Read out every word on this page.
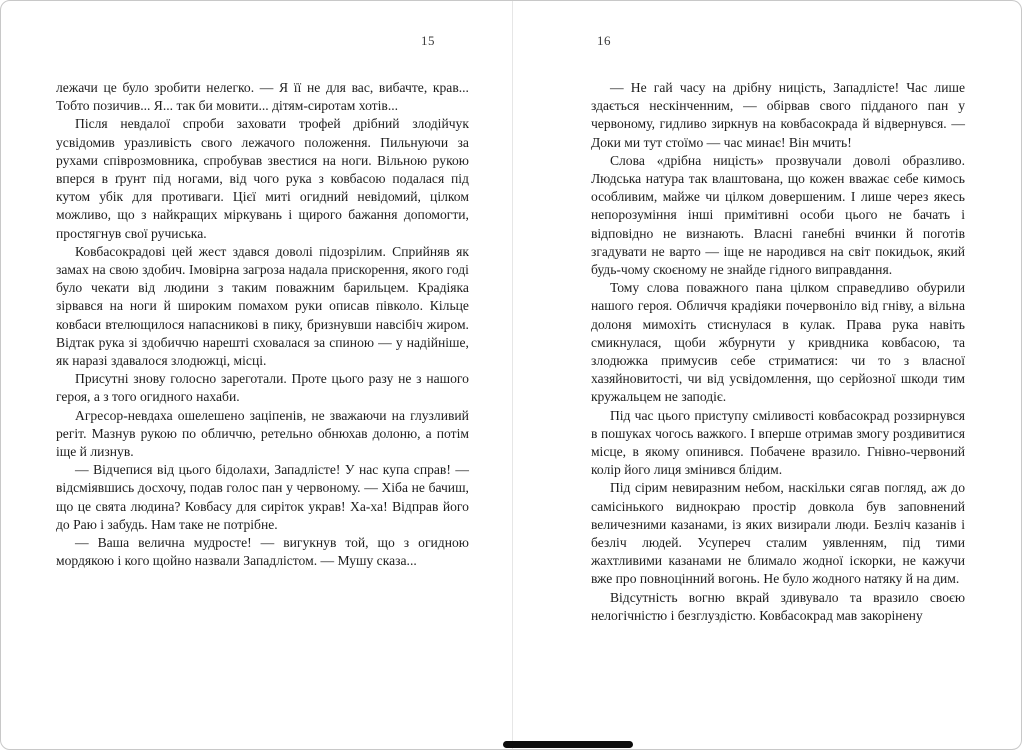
15

лежачи це було зробити нелегко. — Я її не для вас, вибачте, крав... Тобто позичив... Я... так би мовити... дітям-сиротам хотів...

Після невдалої спроби заховати трофей дрібний злодійчук усвідомив уразливість свого лежачого положення. Пильнуючи за рухами співрозмовника, спробував звестися на ноги. Вільною рукою вперся в ґрунт під ногами, від чого рука з ковбасою подалася під кутом убік для противаги. Цієї миті огидний невідомий, цілком можливо, що з найкращих міркувань і щирого бажання допомогти, простягнув свої ручиська.

Ковбасокрадові цей жест здався доволі підозрілим. Сприйняв як замах на свою здобич. Імовірна загроза надала прискорення, якого годі було чекати від людини з таким поважним барильцем. Крадіяка зірвався на ноги й широким помахом руки описав півколо. Кільце ковбаси втелющилося напасникові в пику, бризнувши навсібіч жиром. Відтак рука зі здобиччю нарешті сховалася за спиною — у надійніше, як наразі здавалося злодюжці, місці.

Присутні знову голосно зареготали. Проте цього разу не з нашого героя, а з того огидного нахаби.

Агресор-невдаха ошелешено заціпенів, не зважаючи на глузливий регіт. Мазнув рукою по обличчю, ретельно обнюхав долоню, а потім іще й лизнув.

— Відчепися від цього бідолахи, Западлісте! У нас купа справ! — відсміявшись досхочу, подав голос пан у червоному. — Хіба не бачиш, що це свята людина? Ковбасу для сиріток украв! Ха-ха! Відправ його до Раю і забудь. Нам таке не потрібне.

— Ваша велична мудросте! — вигукнув той, що з огидною мордякою і кого щойно назвали Западлістом. — Мушу сказа...

16

— Не гай часу на дрібну ницість, Западлісте! Час лише здається нескінченним, — обірвав свого підданого пан у червоному, гидливо зиркнув на ковбасокрада й відвернувся. — Доки ми тут стоїмо — час минає! Він мчить!

Слова «дрібна ницість» прозвучали доволі образливо. Людська натура так влаштована, що кожен вважає себе кимось особливим, майже чи цілком довершеним. І лише через якесь непорозуміння інші примітивні особи цього не бачать і відповідно не визнають. Власні ганебні вчинки й поготів згадувати не варто — іще не народився на світ покидьок, який будь-чому скоєному не знайде гідного виправдання.

Тому слова поважного пана цілком справедливо обурили нашого героя. Обличчя крадіяки почервоніло від гніву, а вільна долоня мимохіть стиснулася в кулак. Права рука навіть смикнулася, щоби жбурнути у кривдника ковбасою, та злодюжка примусив себе стриматися: чи то з власної хазяйновитості, чи від усвідомлення, що серйозної шкоди тим кружальцем не заподіє.

Під час цього приступу сміливості ковбасокрад роззирнувся в пошуках чогось важкого. І вперше отримав змогу роздивитися місце, в якому опинився. Побачене вразило. Гнівно-червоний колір його лиця змінився блідим.

Під сірим невиразним небом, наскільки сягав погляд, аж до самісінького виднокраю простір довкола був заповнений величезними казанами, із яких визирали люди. Безліч казанів і безліч людей. Усупереч сталим уявленням, під тими жахтливими казанами не блимало жодної іскорки, не кажучи вже про повноцінний вогонь. Не було жодного натяку й на дим.

Відсутність вогню вкрай здивувало та вразило своєю нелогічністю і безглуздістю. Ковбасокрад мав закорінену
